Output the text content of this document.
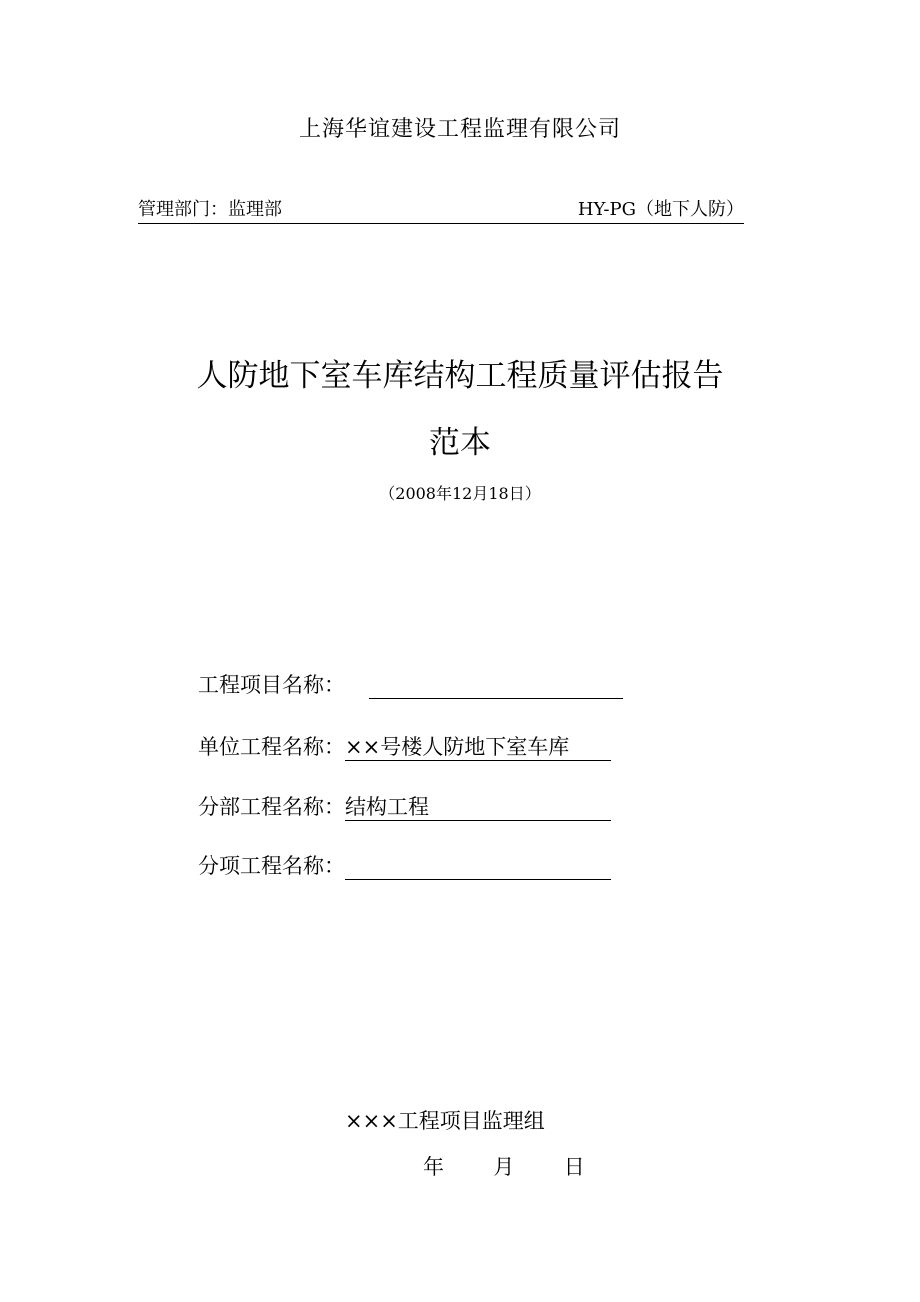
上海华谊建设工程监理有限公司
管理部门：监理部	HY-PG（地下人防）
人防地下室车库结构工程质量评估报告
范本
（2008年12月18日）
工程项目名称：
单位工程名称： ××号楼人防地下室车库
分部工程名称： 结构工程
分项工程名称：
×××工程项目监理组
年 月 日
